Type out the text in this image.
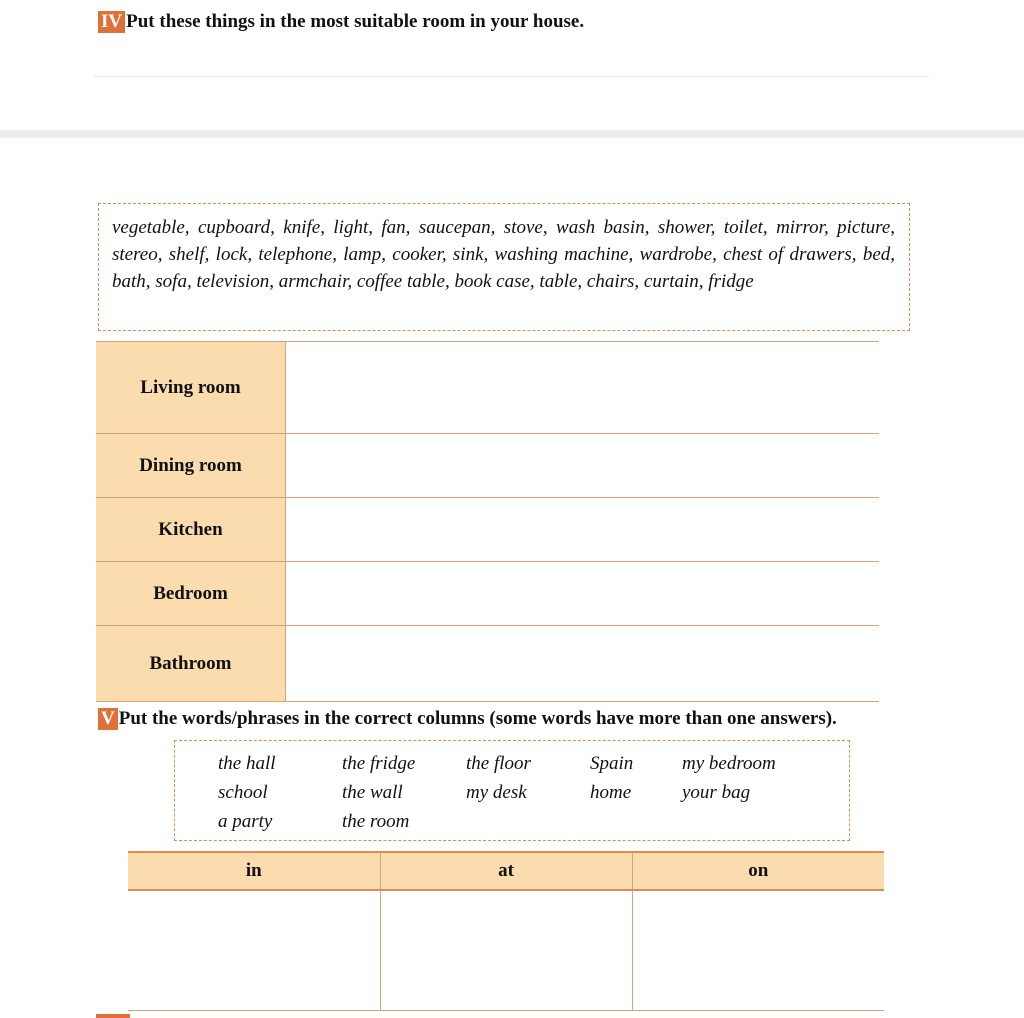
IV Put these things in the most suitable room in your house.
vegetable, cupboard, knife, light, fan, saucepan, stove, wash basin, shower, toilet, mirror, picture, stereo, shelf, lock, telephone, lamp, cooker, sink, washing machine, wardrobe, chest of drawers, bed, bath, sofa, television, armchair, coffee table, book case, table, chairs, curtain, fridge
Living room	
Dining room	
Kitchen	
Bedroom	
Bathroom	
V Put the words/phrases in the correct columns (some words have more than one answers).
the hall	the fridge	the floor	Spain	my bedroom
school	the wall	my desk	home	your bag
a party	the room
in	at	on
